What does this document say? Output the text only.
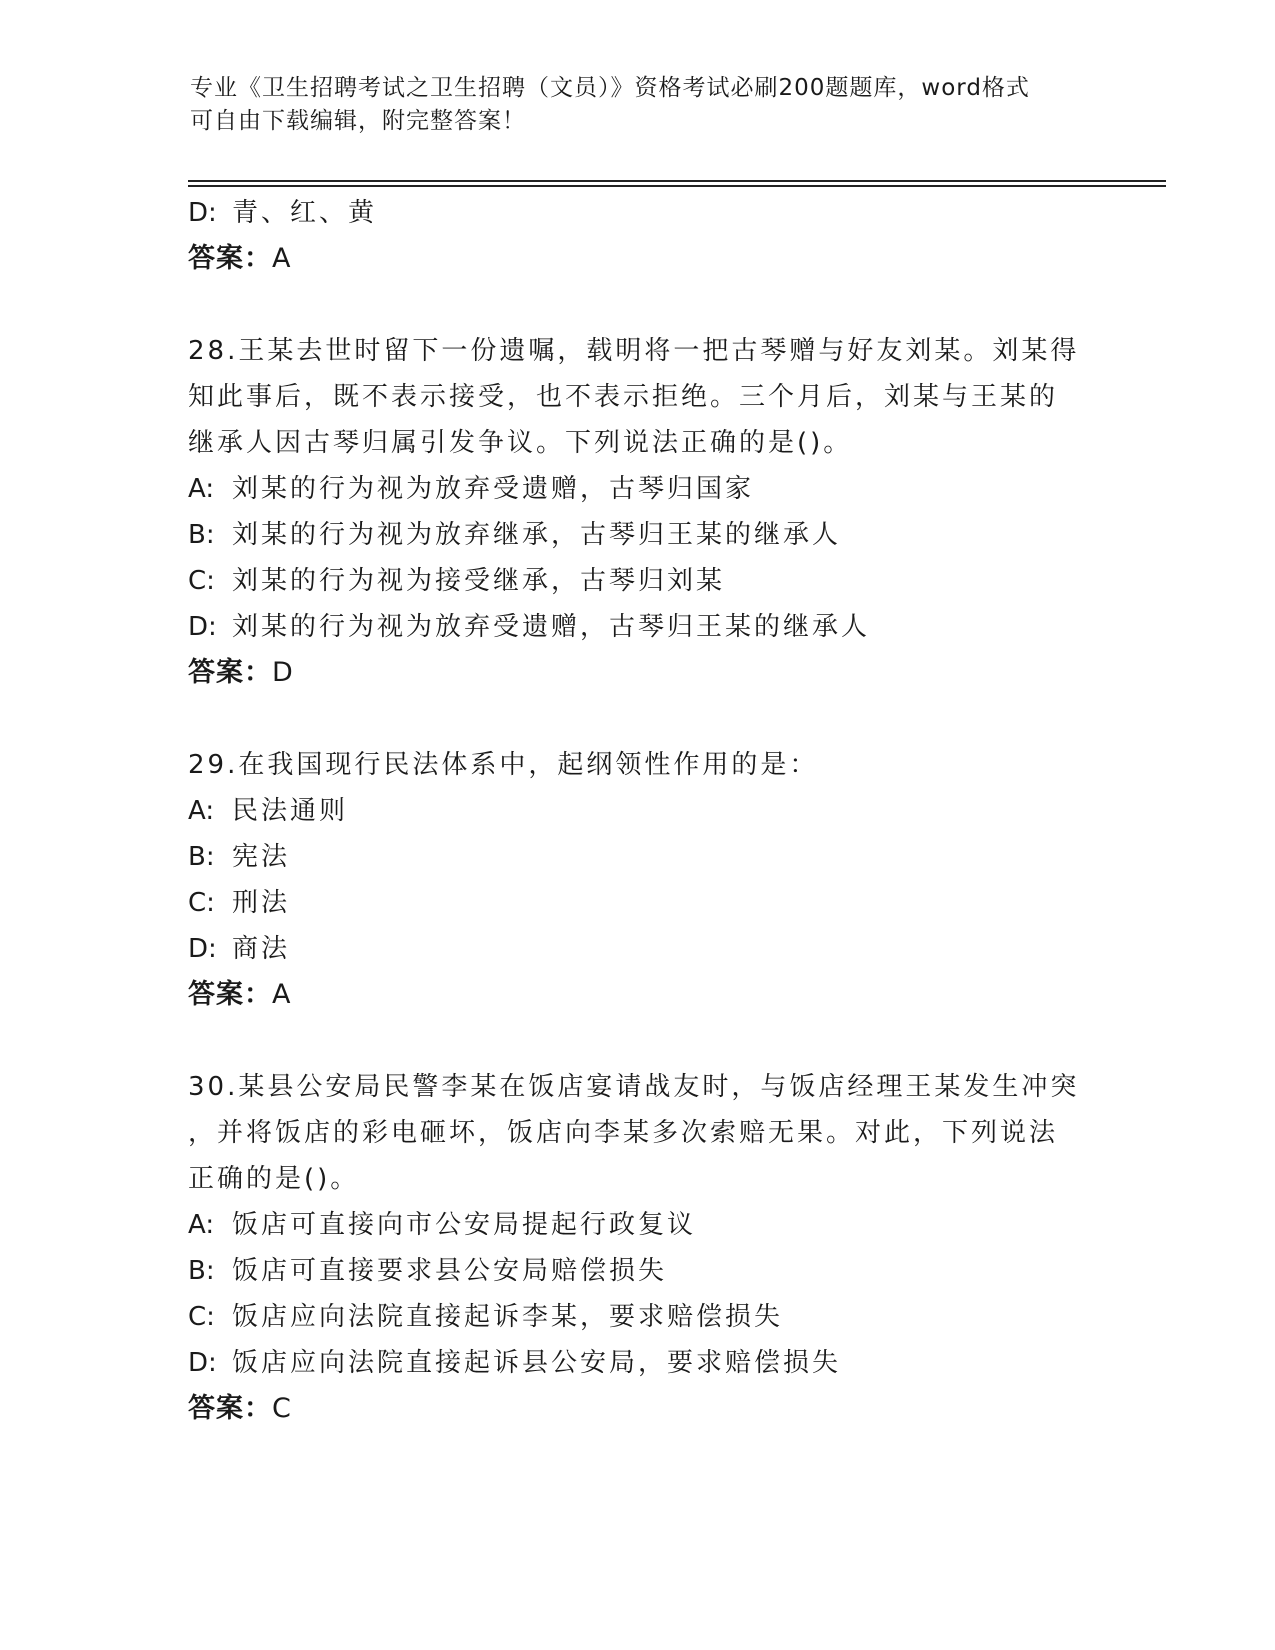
专业《卫生招聘考试之卫生招聘（文员）》资格考试必刷200题题库，word格式
可自由下载编辑，附完整答案！
D: 青、红、黄
答案：A
28.王某去世时留下一份遗嘱，载明将一把古琴赠与好友刘某。刘某得
知此事后，既不表示接受，也不表示拒绝。三个月后，刘某与王某的
继承人因古琴归属引发争议。下列说法正确的是()。
A: 刘某的行为视为放弃受遗赠，古琴归国家
B: 刘某的行为视为放弃继承，古琴归王某的继承人
C: 刘某的行为视为接受继承，古琴归刘某
D: 刘某的行为视为放弃受遗赠，古琴归王某的继承人
答案：D
29.在我国现行民法体系中，起纲领性作用的是：
A: 民法通则
B: 宪法
C: 刑法
D: 商法
答案：A
30.某县公安局民警李某在饭店宴请战友时，与饭店经理王某发生冲突
，并将饭店的彩电砸坏，饭店向李某多次索赔无果。对此，下列说法
正确的是()。
A: 饭店可直接向市公安局提起行政复议
B: 饭店可直接要求县公安局赔偿损失
C: 饭店应向法院直接起诉李某，要求赔偿损失
D: 饭店应向法院直接起诉县公安局，要求赔偿损失
答案：C
